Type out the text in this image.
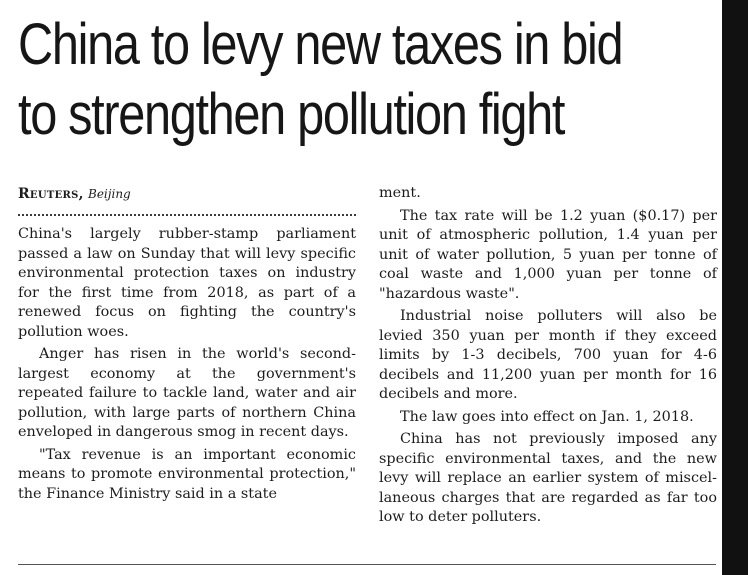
China to levy new taxes in bid
to strengthen pollution fight
Reuters, Beijing

China's largely rubber-stamp parliament passed a law on Sunday that will levy specific environmental protection taxes on industry for the first time from 2018, as part of a renewed focus on fighting the country's pollution woes.

Anger has risen in the world's second-largest economy at the government's repeated failure to tackle land, water and air pollution, with large parts of northern China enveloped in dangerous smog in recent days.

"Tax revenue is an important economic means to promote environmental protection," the Finance Ministry said in a state

ment.

The tax rate will be 1.2 yuan ($0.17) per unit of atmospheric pollution, 1.4 yuan per unit of water pollution, 5 yuan per tonne of coal waste and 1,000 yuan per tonne of "hazardous waste".

Industrial noise polluters will also be levied 350 yuan per month if they exceed limits by 1-3 decibels, 700 yuan for 4-6 decibels and 11,200 yuan per month for 16 decibels and more.

The law goes into effect on Jan. 1, 2018.

China has not previously imposed any specific environmental taxes, and the new levy will replace an earlier system of miscellaneous charges that are regarded as far too low to deter polluters.
